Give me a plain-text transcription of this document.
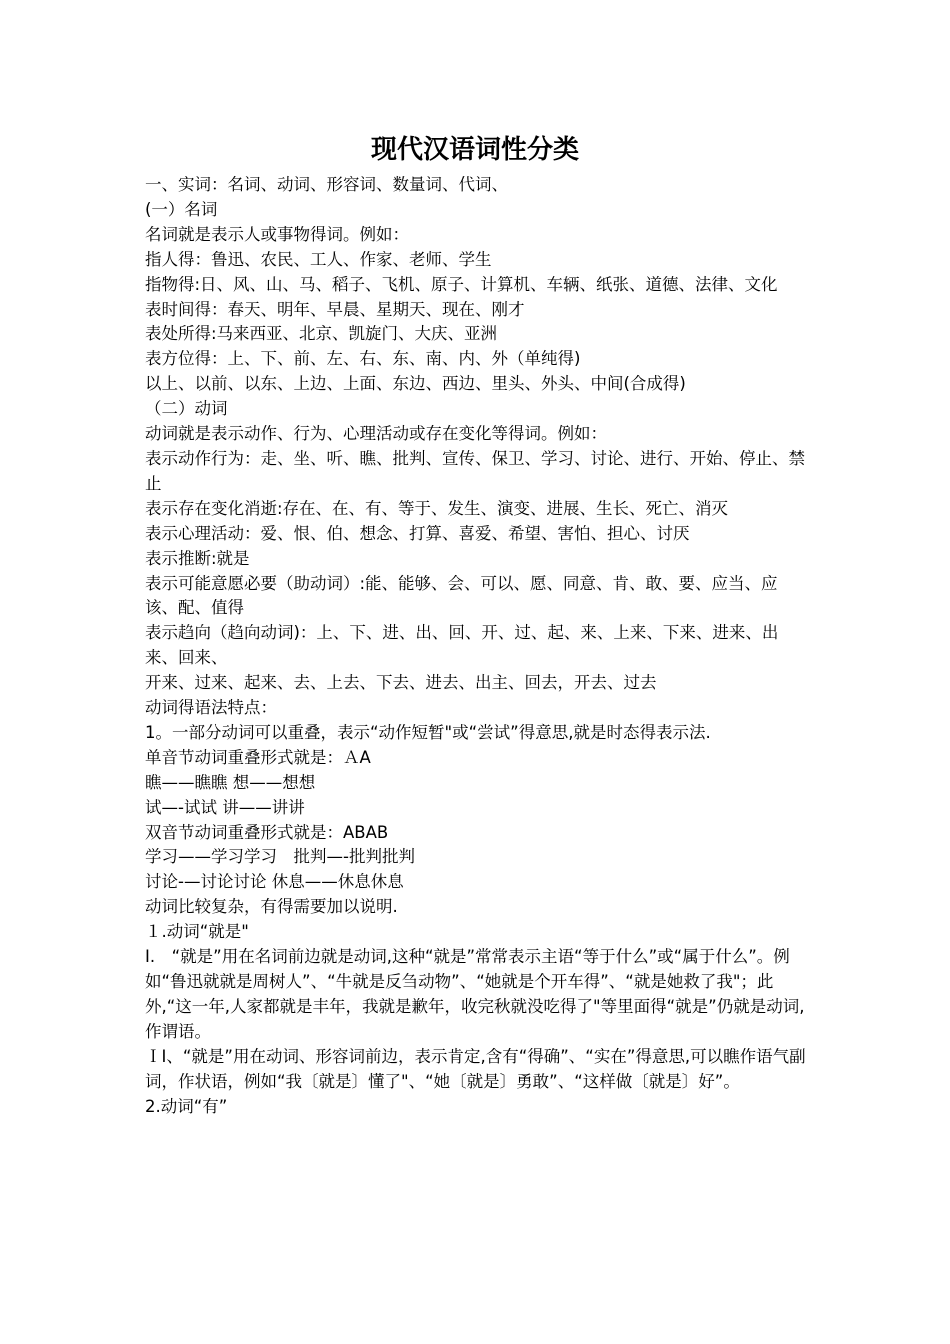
现代汉语词性分类

一、实词：名词、动词、形容词、数量词、代词、

(一）名词

名词就是表示人或事物得词。例如：

指人得：鲁迅、农民、工人、作家、老师、学生

指物得:日、风、山、马、稻子、飞机、原子、计算机、车辆、纸张、道德、法律、文化

表时间得：春天、明年、早晨、星期天、现在、刚才

表处所得:马来西亚、北京、凯旋门、大庆、亚洲

表方位得：上、下、前、左、右、东、南、内、外（单纯得)

以上、以前、以东、上边、上面、东边、西边、里头、外头、中间(合成得)

（二）动词

动词就是表示动作、行为、心理活动或存在变化等得词。例如：

表示动作行为：走、坐、听、瞧、批判、宣传、保卫、学习、讨论、进行、开始、停止、禁止

表示存在变化消逝:存在、在、有、等于、发生、演变、进展、生长、死亡、消灭

表示心理活动：爱、恨、伯、想念、打算、喜爱、希望、害怕、担心、讨厌

表示推断:就是

表示可能意愿必要（助动词）:能、能够、会、可以、愿、同意、肯、敢、要、应当、应该、配、值得

表示趋向（趋向动词)：上、下、进、出、回、开、过、起、来、上来、下来、进来、出来、回来、

开来、过来、起来、去、上去、下去、进去、出主、回去，开去、过去

动词得语法特点：

1。一部分动词可以重叠，表示“动作短暂"或“尝试”得意思,就是时态得表示法.

单音节动词重叠形式就是：ＡA

瞧——瞧瞧 想——想想

试—-试试 讲——讲讲

双音节动词重叠形式就是：ABAB

学习——学习学习　批判—-批判批判

讨论-—讨论讨论 休息——休息休息

动词比较复杂，有得需要加以说明.

１.动词“就是"

I.　“就是”用在名词前边就是动词,这种“就是”常常表示主语“等于什么”或“属于什么”。例如“鲁迅就就是周树人”、“牛就是反刍动物”、“她就是个开车得”、“就是她救了我"；此外,“这一年,人家都就是丰年，我就是歉年，收完秋就没吃得了"等里面得“就是”仍就是动词,作谓语。

ＩI、“就是”用在动词、形容词前边，表示肯定,含有“得确”、“实在”得意思,可以瞧作语气副词，作状语，例如“我〔就是〕懂了"、“她〔就是〕勇敢”、“这样做〔就是〕好”。

2.动词“有”
